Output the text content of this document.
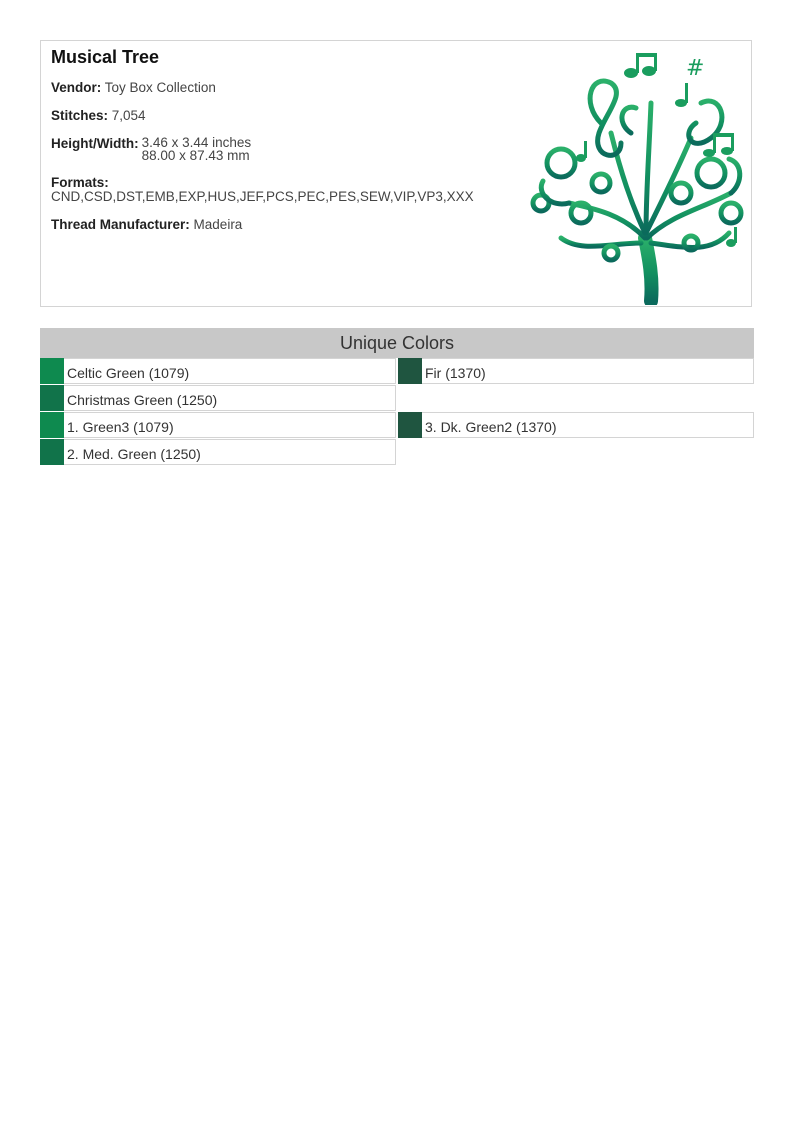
Musical Tree
Vendor: Toy Box Collection
Stitches: 7,054
Height/Width: 3.46 x 3.44 inches
88.00 x 87.43 mm
Formats:
CND,CSD,DST,EMB,EXP,HUS,JEF,PCS,PEC,PES,SEW,VIP,VP3,XXX
Thread Manufacturer: Madeira
#
Unique Colors
Celtic Green (1079)	Fir (1370)
Christmas Green (1250)
1. Green3 (1079)	3. Dk. Green2 (1370)
2. Med. Green (1250)
